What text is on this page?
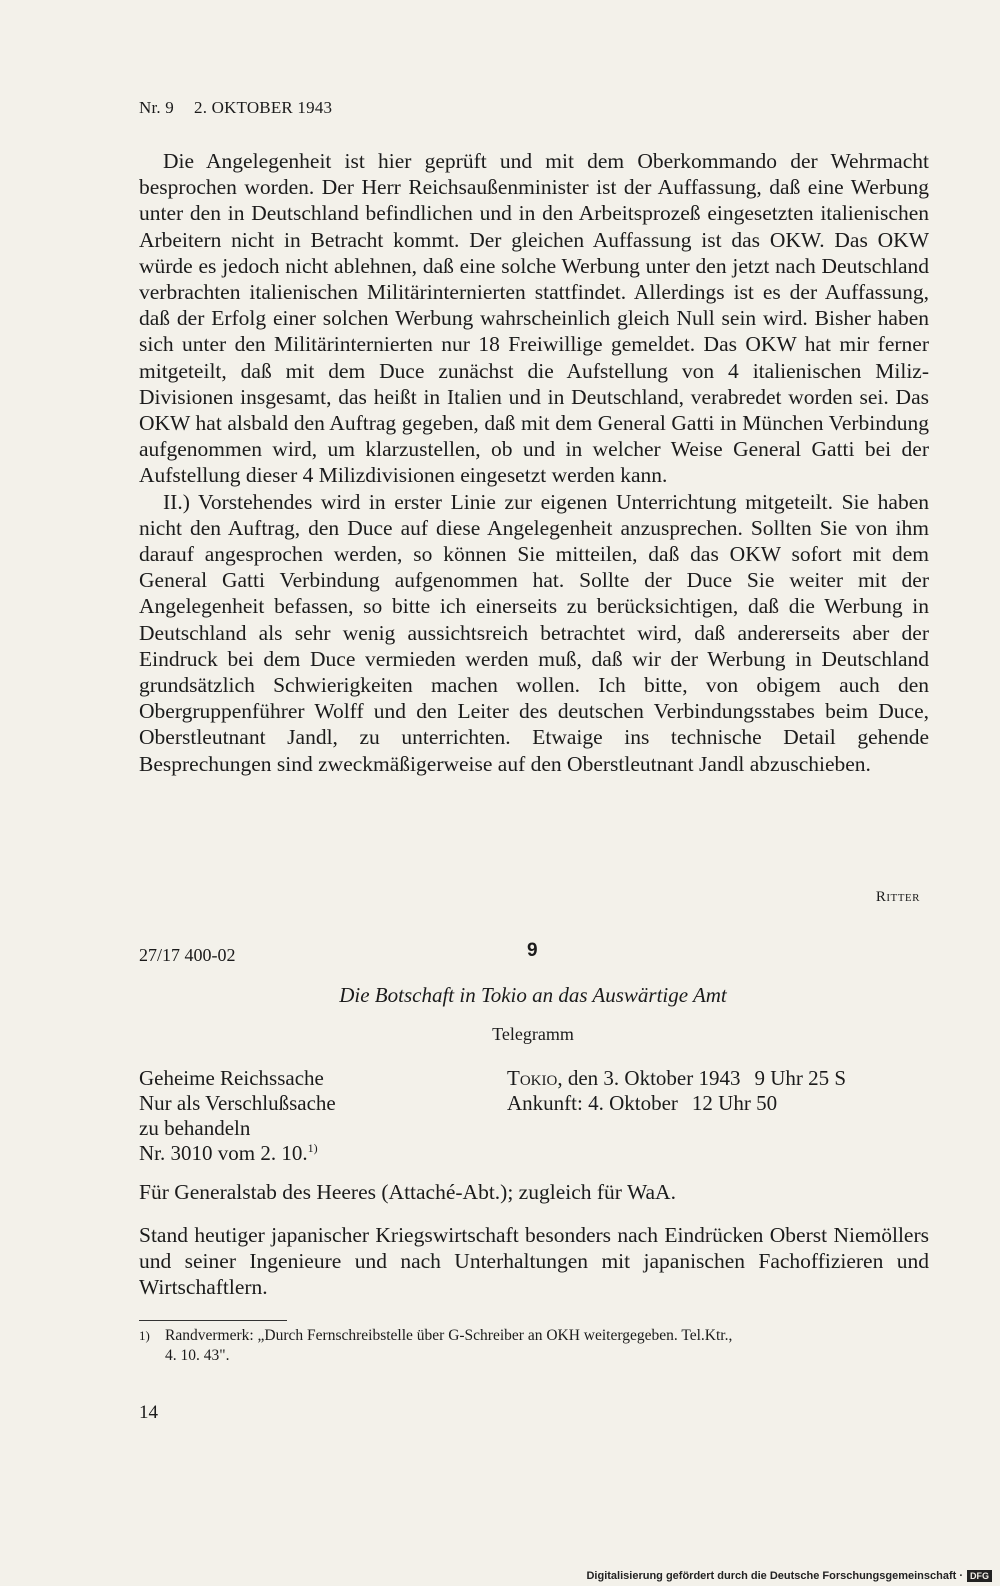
Nr. 9 2. OKTOBER 1943

Die Angelegenheit ist hier geprüft und mit dem Oberkommando der Wehrmacht besprochen worden. Der Herr Reichsaußenminister ist der Auffassung, daß eine Werbung unter den in Deutschland befindlichen und in den Arbeitsprozeß eingesetzten italienischen Arbeitern nicht in Betracht kommt. Der gleichen Auffassung ist das OKW. Das OKW würde es jedoch nicht ablehnen, daß eine solche Werbung unter den jetzt nach Deutschland verbrachten italienischen Militärinternierten stattfindet. Allerdings ist es der Auffassung, daß der Erfolg einer solchen Werbung wahrscheinlich gleich Null sein wird. Bisher haben sich unter den Militärinternierten nur 18 Freiwillige gemeldet. Das OKW hat mir ferner mitgeteilt, daß mit dem Duce zunächst die Aufstellung von 4 italienischen Miliz-Divisionen insgesamt, das heißt in Italien und in Deutschland, verabredet worden sei. Das OKW hat alsbald den Auftrag gegeben, daß mit dem General Gatti in München Verbindung aufgenommen wird, um klarzustellen, ob und in welcher Weise General Gatti bei der Aufstellung dieser 4 Milizdivisionen eingesetzt werden kann.

II.) Vorstehendes wird in erster Linie zur eigenen Unterrichtung mitgeteilt. Sie haben nicht den Auftrag, den Duce auf diese Angelegenheit anzusprechen. Sollten Sie von ihm darauf angesprochen werden, so können Sie mitteilen, daß das OKW sofort mit dem General Gatti Verbindung aufgenommen hat. Sollte der Duce Sie weiter mit der Angelegenheit befassen, so bitte ich einerseits zu berücksichtigen, daß die Werbung in Deutschland als sehr wenig aussichtsreich betrachtet wird, daß andererseits aber der Eindruck bei dem Duce vermieden werden muß, daß wir der Werbung in Deutschland grundsätzlich Schwierigkeiten machen wollen. Ich bitte, von obigem auch den Obergruppenführer Wolff und den Leiter des deutschen Verbindungsstabes beim Duce, Oberstleutnant Jandl, zu unterrichten. Etwaige ins technische Detail gehende Besprechungen sind zweckmäßigerweise auf den Oberstleutnant Jandl abzuschieben.

Ritter
27/17 400-02	9
Die Botschaft in Tokio an das Auswärtige Amt
Telegramm
Geheime Reichssache
Nur als Verschlußsache
zu behandeln
Nr. 3010 vom 2. 10.$^{1)}$
Tokio, den 3. Oktober 1943 9 Uhr 25 S
Ankunft: 4. Oktober 12 Uhr 50
Für Generalstab des Heeres (Attaché-Abt.); zugleich für WaA.
Stand heutiger japanischer Kriegswirtschaft besonders nach Eindrücken Oberst Niemöllers und seiner Ingenieure und nach Unterhaltungen mit japanischen Fachoffizieren und Wirtschaftlern.
1) Randvermerk: „Durch Fernschreibstelle über G-Schreiber an OKH weitergegeben. Tel.Ktr.,
4. 10. 43".
14
Digitalisierung gefördert durch die Deutsche Forschungsgemeinschaft · DFG
